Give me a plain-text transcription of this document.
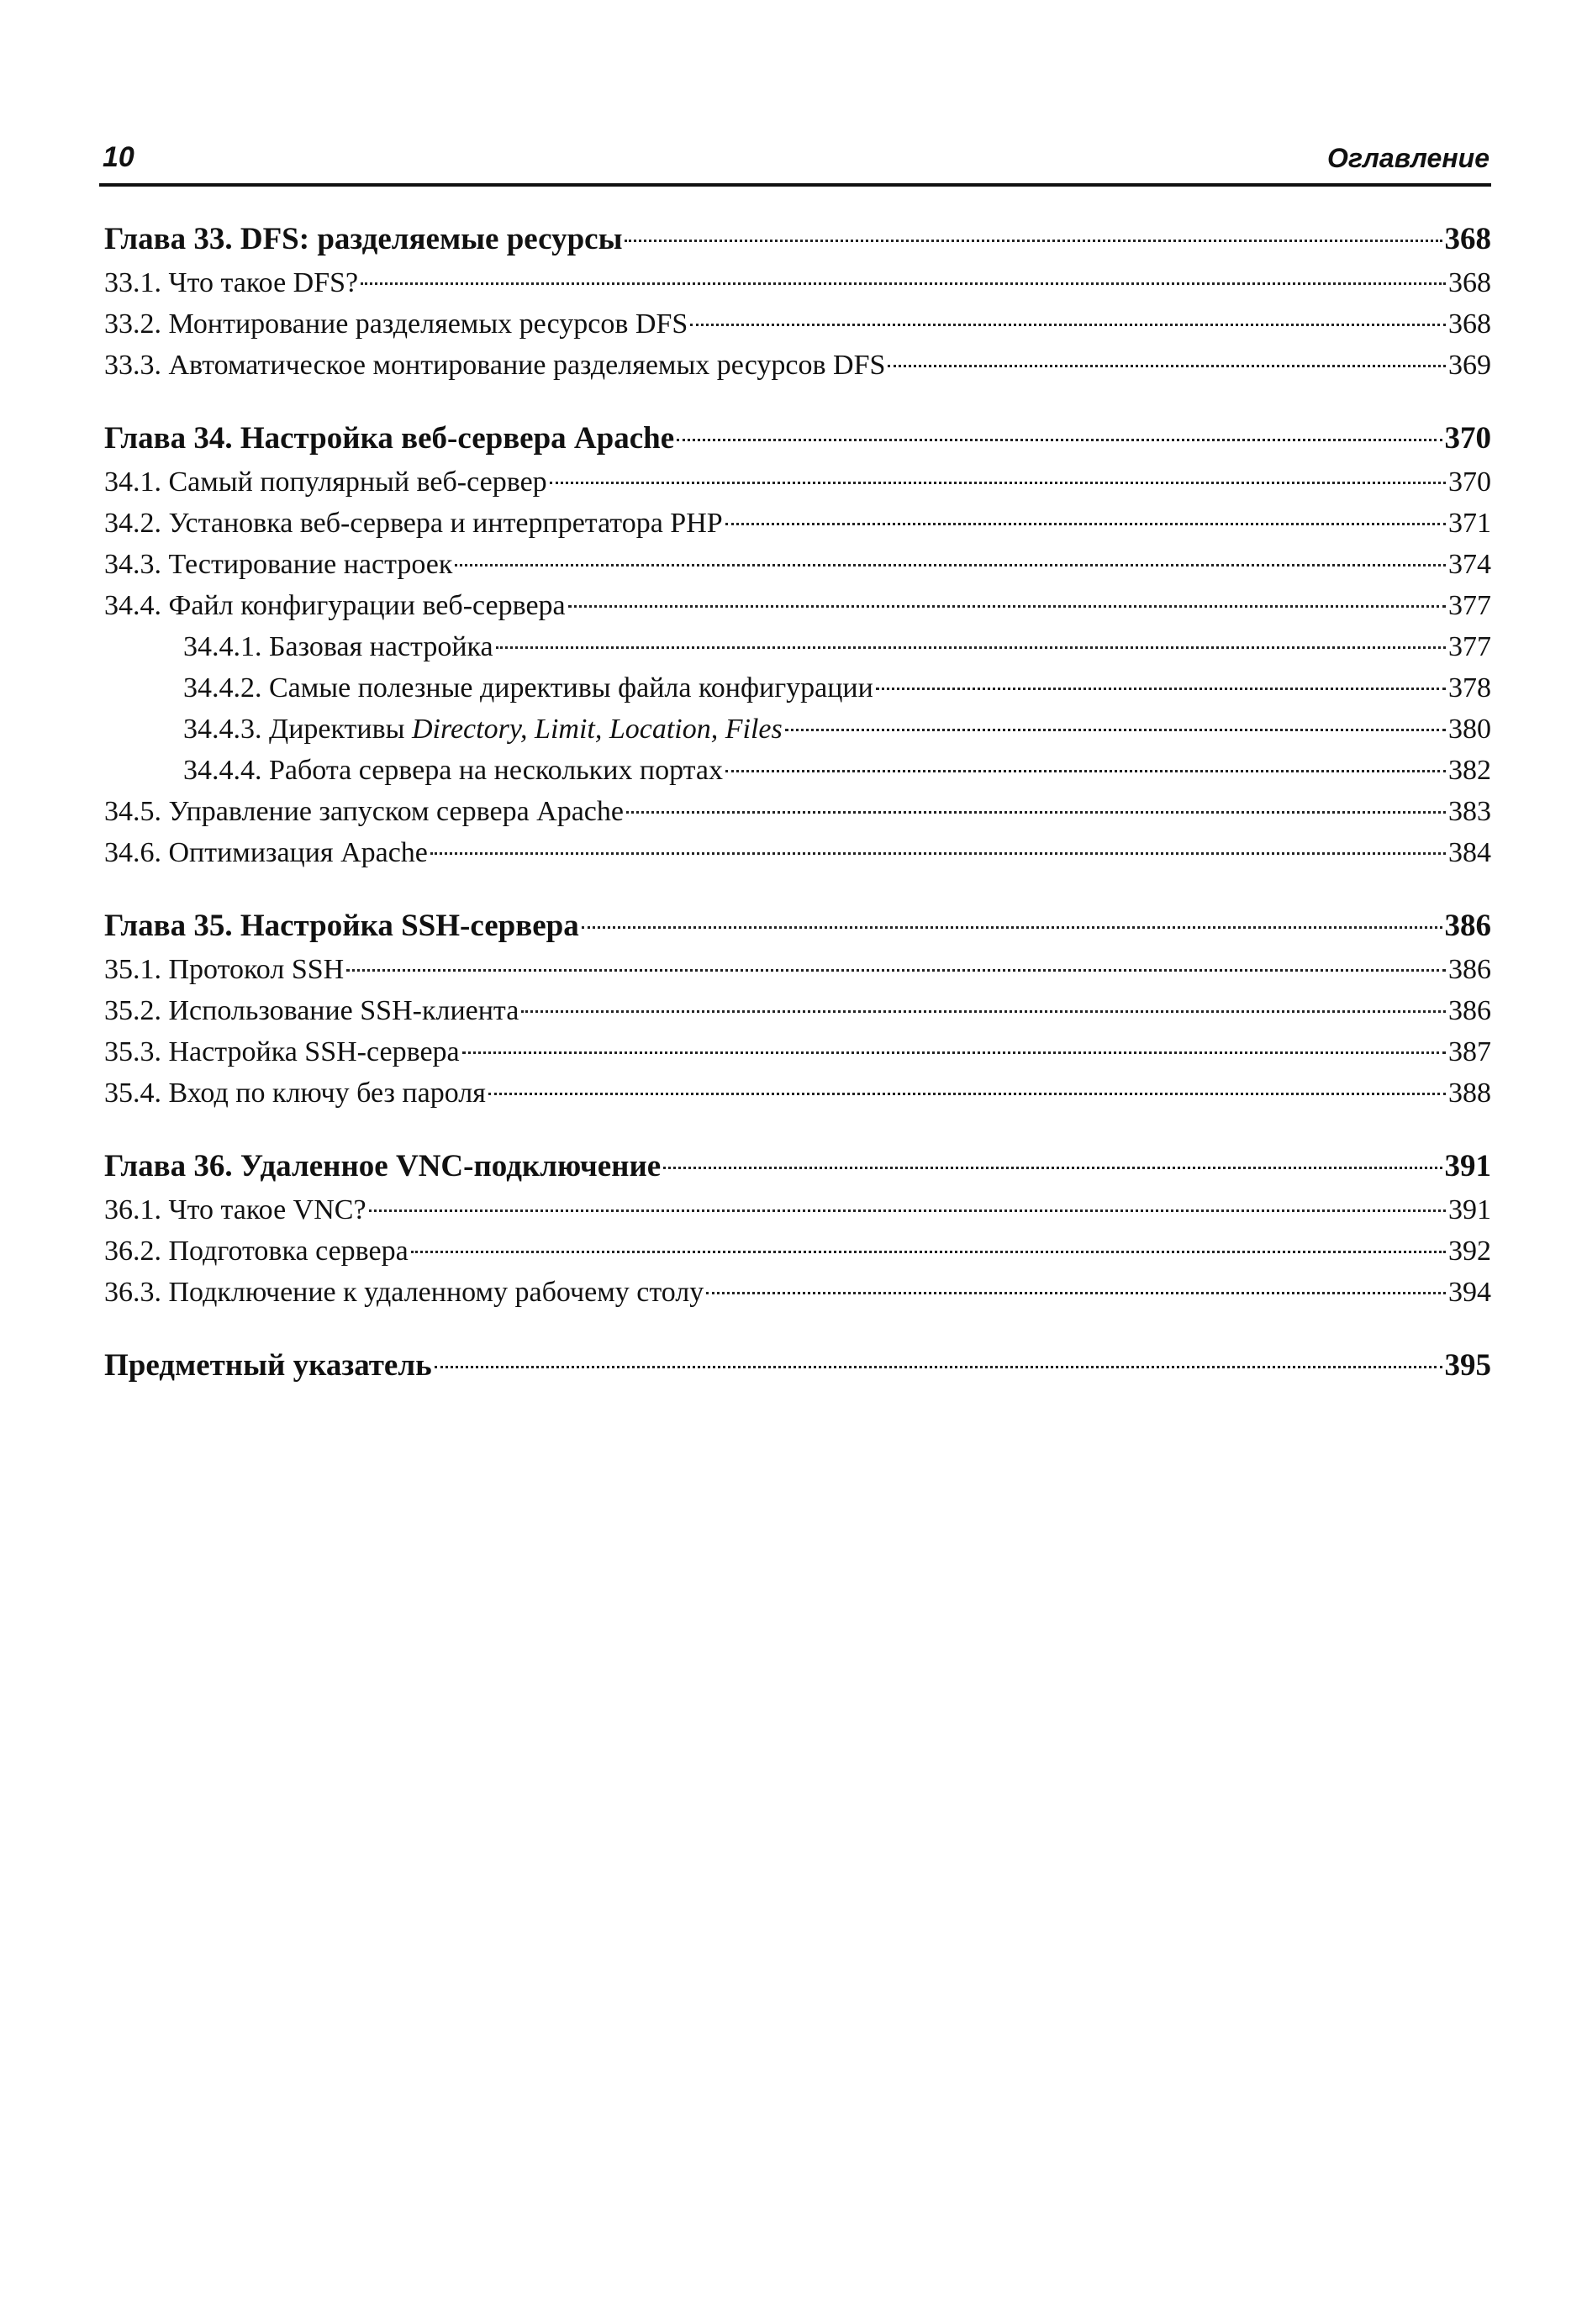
10	Оглавление
Глава 33. DFS: разделяемые ресурсы	368
33.1. Что такое DFS?	368
33.2. Монтирование разделяемых ресурсов DFS	368
33.3. Автоматическое монтирование разделяемых ресурсов DFS	369
Глава 34. Настройка веб-сервера Apache	370
34.1. Самый популярный веб-сервер	370
34.2. Установка веб-сервера и интерпретатора PHP	371
34.3. Тестирование настроек	374
34.4. Файл конфигурации веб-сервера	377
34.4.1. Базовая настройка	377
34.4.2. Самые полезные директивы файла конфигурации	378
34.4.3. Директивы Directory, Limit, Location, Files	380
34.4.4. Работа сервера на нескольких портах	382
34.5. Управление запуском сервера Apache	383
34.6. Оптимизация Apache	384
Глава 35. Настройка SSH-сервера	386
35.1. Протокол SSH	386
35.2. Использование SSH-клиента	386
35.3. Настройка SSH-сервера	387
35.4. Вход по ключу без пароля	388
Глава 36. Удаленное VNC-подключение	391
36.1. Что такое VNC?	391
36.2. Подготовка сервера	392
36.3. Подключение к удаленному рабочему столу	394
Предметный указатель	395
